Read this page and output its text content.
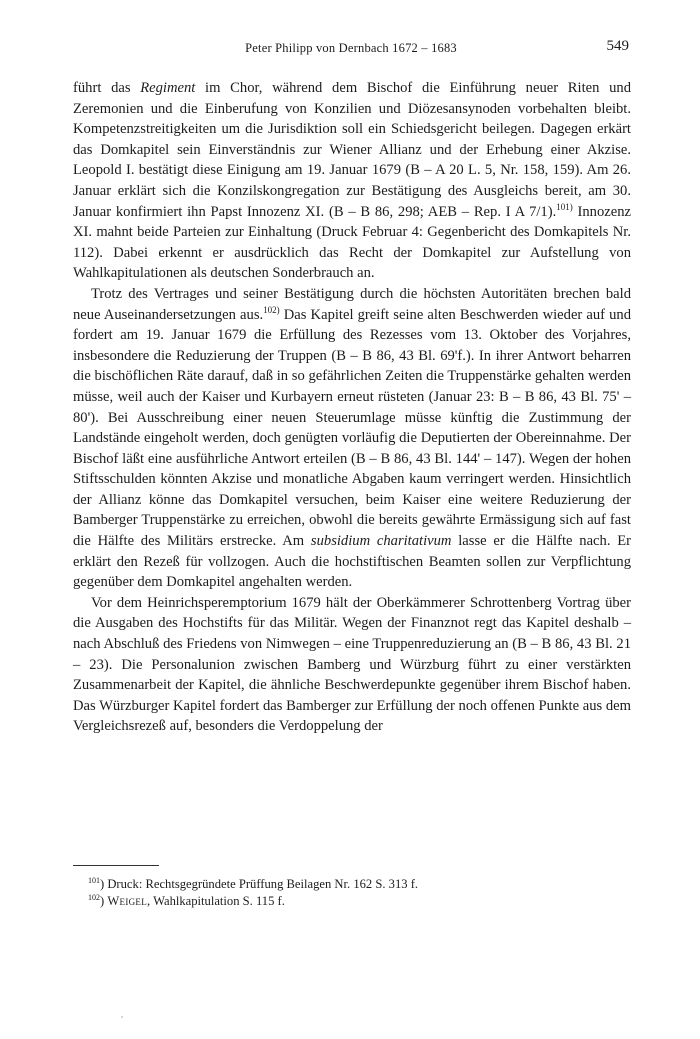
Peter Philipp von Dernbach 1672 – 1683	549

führt das Regiment im Chor, während dem Bischof die Einführung neuer Riten und Zeremonien und die Einberufung von Konzilien und Diözesansynoden vorbehalten bleibt. Kompetenzstreitigkeiten um die Jurisdiktion soll ein Schiedsgericht beilegen. Dagegen erkärt das Domkapitel sein Einverständnis zur Wiener Allianz und der Erhebung einer Akzise. Leopold I. bestätigt diese Einigung am 19. Januar 1679 (B – A 20 L. 5, Nr. 158, 159). Am 26. Januar erklärt sich die Konzilskongregation zur Bestätigung des Ausgleichs bereit, am 30. Januar konfirmiert ihn Papst Innozenz XI. (B – B 86, 298; AEB – Rep. I A 7/1).$^{101)}$ Innozenz XI. mahnt beide Parteien zur Einhaltung (Druck Februar 4: Gegenbericht des Domkapitels Nr. 112). Dabei erkennt er ausdrücklich das Recht der Domkapitel zur Aufstellung von Wahlkapitulationen als deutschen Sonderbrauch an.

Trotz des Vertrages und seiner Bestätigung durch die höchsten Autoritäten brechen bald neue Auseinandersetzungen aus.$^{102)}$ Das Kapitel greift seine alten Beschwerden wieder auf und fordert am 19. Januar 1679 die Erfüllung des Rezesses vom 13. Oktober des Vorjahres, insbesondere die Reduzierung der Truppen (B – B 86, 43 Bl. 69'f.). In ihrer Antwort beharren die bischöflichen Räte darauf, daß in so gefährlichen Zeiten die Truppenstärke gehalten werden müsse, weil auch der Kaiser und Kurbayern erneut rüsteten (Januar 23: B – B 86, 43 Bl. 75' – 80'). Bei Ausschreibung einer neuen Steuerumlage müsse künftig die Zustimmung der Landstände eingeholt werden, doch genügten vorläufig die Deputierten der Obereinnahme. Der Bischof läßt eine ausführliche Antwort erteilen (B – B 86, 43 Bl. 144' – 147). Wegen der hohen Stiftsschulden könnten Akzise und monatliche Abgaben kaum verringert werden. Hinsichtlich der Allianz könne das Domkapitel versuchen, beim Kaiser eine weitere Reduzierung der Bamberger Truppenstärke zu erreichen, obwohl die bereits gewährte Ermässigung sich auf fast die Hälfte des Militärs erstrecke. Am subsidium charitativum lasse er die Hälfte nach. Er erklärt den Rezeß für vollzogen. Auch die hochstiftischen Beamten sollen zur Verpflichtung gegenüber dem Domkapitel angehalten werden.

Vor dem Heinrichsperemptorium 1679 hält der Oberkämmerer Schrottenberg Vortrag über die Ausgaben des Hochstifts für das Militär. Wegen der Finanznot regt das Kapitel deshalb – nach Abschluß des Friedens von Nimwegen – eine Truppenreduzierung an (B – B 86, 43 Bl. 21 – 23). Die Personalunion zwischen Bamberg und Würzburg führt zu einer verstärkten Zusammenarbeit der Kapitel, die ähnliche Beschwerdepunkte gegenüber ihrem Bischof haben. Das Würzburger Kapitel fordert das Bamberger zur Erfüllung der noch offenen Punkte aus dem Vergleichsrezeß auf, besonders die Verdoppelung der

$^{101}$) Druck: Rechtsgegründete Prüffung Beilagen Nr. 162 S. 313 f.

$^{102}$) Weigel, Wahlkapitulation S. 115 f.
